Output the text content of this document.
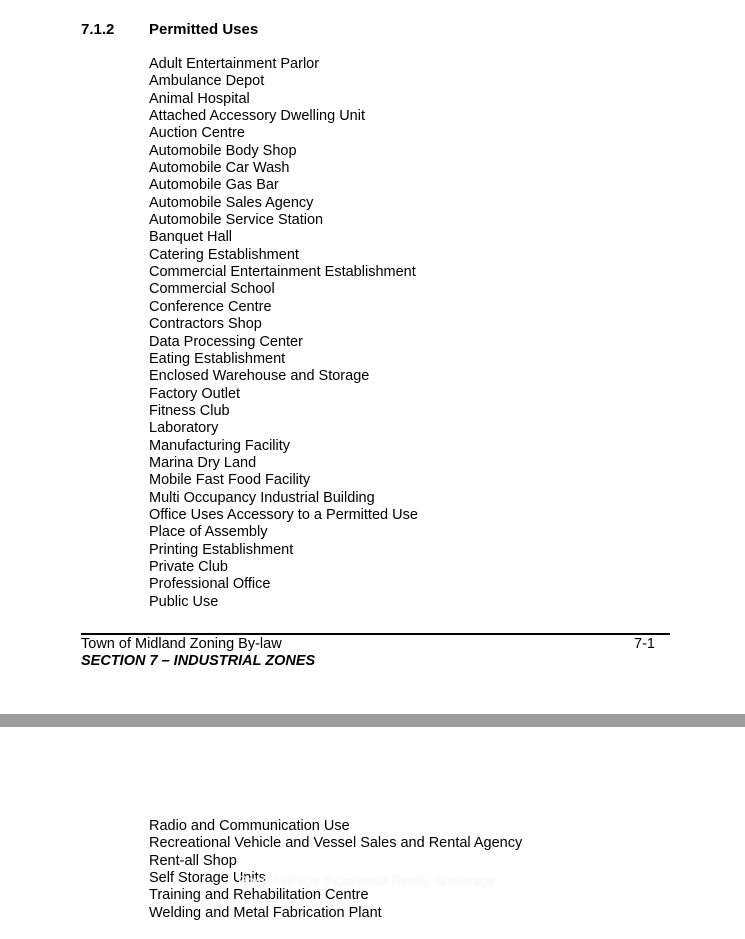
7.1.2 Permitted Uses
Adult Entertainment Parlor
Ambulance Depot
Animal Hospital
Attached Accessory Dwelling Unit
Auction Centre
Automobile Body Shop
Automobile Car Wash
Automobile Gas Bar
Automobile Sales Agency
Automobile Service Station
Banquet Hall
Catering Establishment
Commercial Entertainment Establishment
Commercial School
Conference Centre
Contractors Shop
Data Processing Center
Eating Establishment
Enclosed Warehouse and Storage
Factory Outlet
Fitness Club
Laboratory
Manufacturing Facility
Marina Dry Land
Mobile Fast Food Facility
Multi Occupancy Industrial Building
Office Uses Accessory to a Permitted Use
Place of Assembly
Printing Establishment
Private Club
Professional Office
Public Use
Town of Midland Zoning By-law	7-1
SECTION 7 – INDUSTRIAL ZONES
Radio and Communication Use
Recreational Vehicle and Vessel Sales and Rental Agency
Rent-all Shop
Self Storage Units
Training and Rehabilitation Centre
Welding and Metal Fabrication Plant
Royal LePage Experience Realty, Brokerage
